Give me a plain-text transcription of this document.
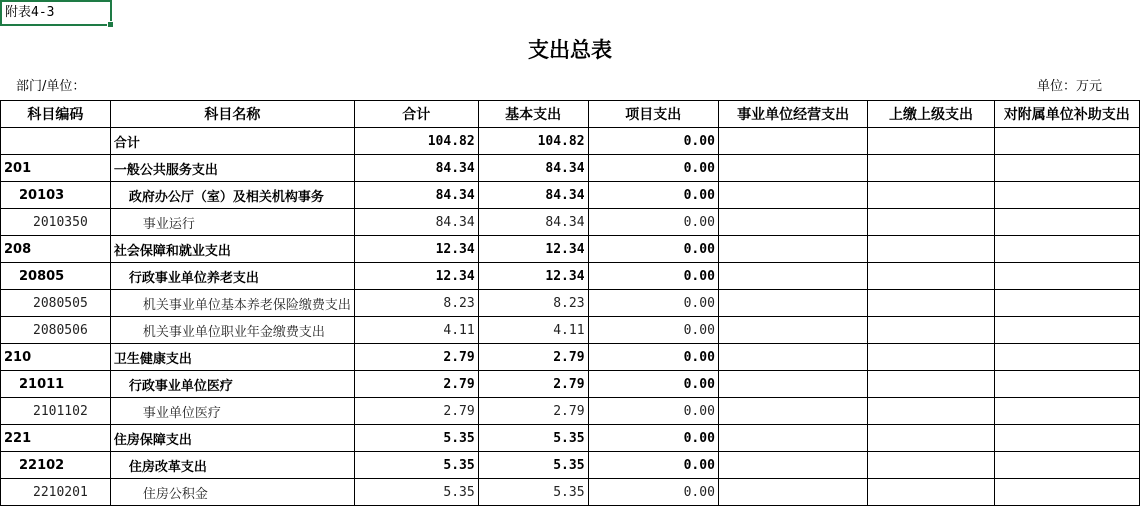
附表4-3
支出总表
部门/单位：	单位：万元
科目编码	科目名称	合计	基本支出	项目支出	事业单位经营支出	上缴上级支出	对附属单位补助支出
	合计	104.82	104.82	0.00			
201	一般公共服务支出	84.34	84.34	0.00			
20103	政府办公厅（室）及相关机构事务	84.34	84.34	0.00			
2010350	事业运行	84.34	84.34	0.00			
208	社会保障和就业支出	12.34	12.34	0.00			
20805	行政事业单位养老支出	12.34	12.34	0.00			
2080505	机关事业单位基本养老保险缴费支出	8.23	8.23	0.00			
2080506	机关事业单位职业年金缴费支出	4.11	4.11	0.00			
210	卫生健康支出	2.79	2.79	0.00			
21011	行政事业单位医疗	2.79	2.79	0.00			
2101102	事业单位医疗	2.79	2.79	0.00			
221	住房保障支出	5.35	5.35	0.00			
22102	住房改革支出	5.35	5.35	0.00			
2210201	住房公积金	5.35	5.35	0.00			
